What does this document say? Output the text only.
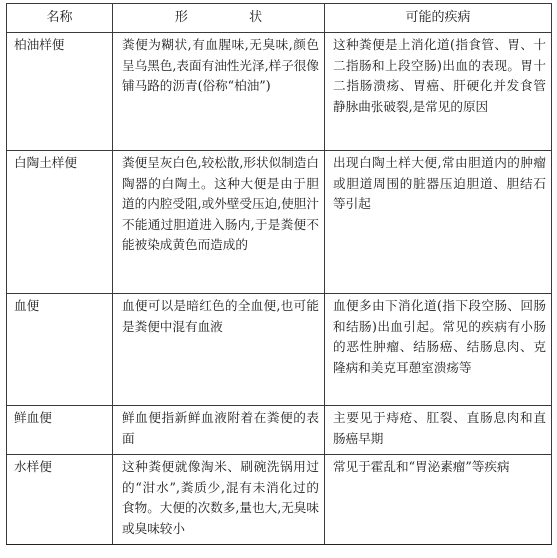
名称	形 状	可能的疾病
柏油样便	粪便为糊状,有血腥味,无臭味,颜色呈乌黑色,表面有油性光泽,样子很像铺马路的沥青(俗称“柏油”)	这种粪便是上消化道(指食管、胃、十二指肠和上段空肠)出血的表现。胃十二指肠溃疡、胃癌、肝硬化并发食管静脉曲张破裂,是常见的原因
白陶土样便	粪便呈灰白色,较松散,形状似制造白陶器的白陶土。这种大便是由于胆道的内腔受阻,或外壁受压迫,使胆汁不能通过胆道进入肠内,于是粪便不能被染成黄色而造成的	出现白陶土样大便,常由胆道内的肿瘤或胆道周围的脏器压迫胆道、胆结石等引起
血便	血便可以是暗红色的全血便,也可能是粪便中混有血液	血便多由下消化道(指下段空肠、回肠和结肠)出血引起。常见的疾病有小肠的恶性肿瘤、结肠癌、结肠息肉、克隆病和美克耳憩室溃疡等
鲜血便	鲜血便指新鲜血液附着在粪便的表面	主要见于痔疮、肛裂、直肠息肉和直肠癌早期
水样便	这种粪便就像淘米、刷碗洗锅用过的“泔水”,粪质少,混有未消化过的食物。大便的次数多,量也大,无臭味或臭味较小	常见于霍乱和“胃泌素瘤”等疾病
